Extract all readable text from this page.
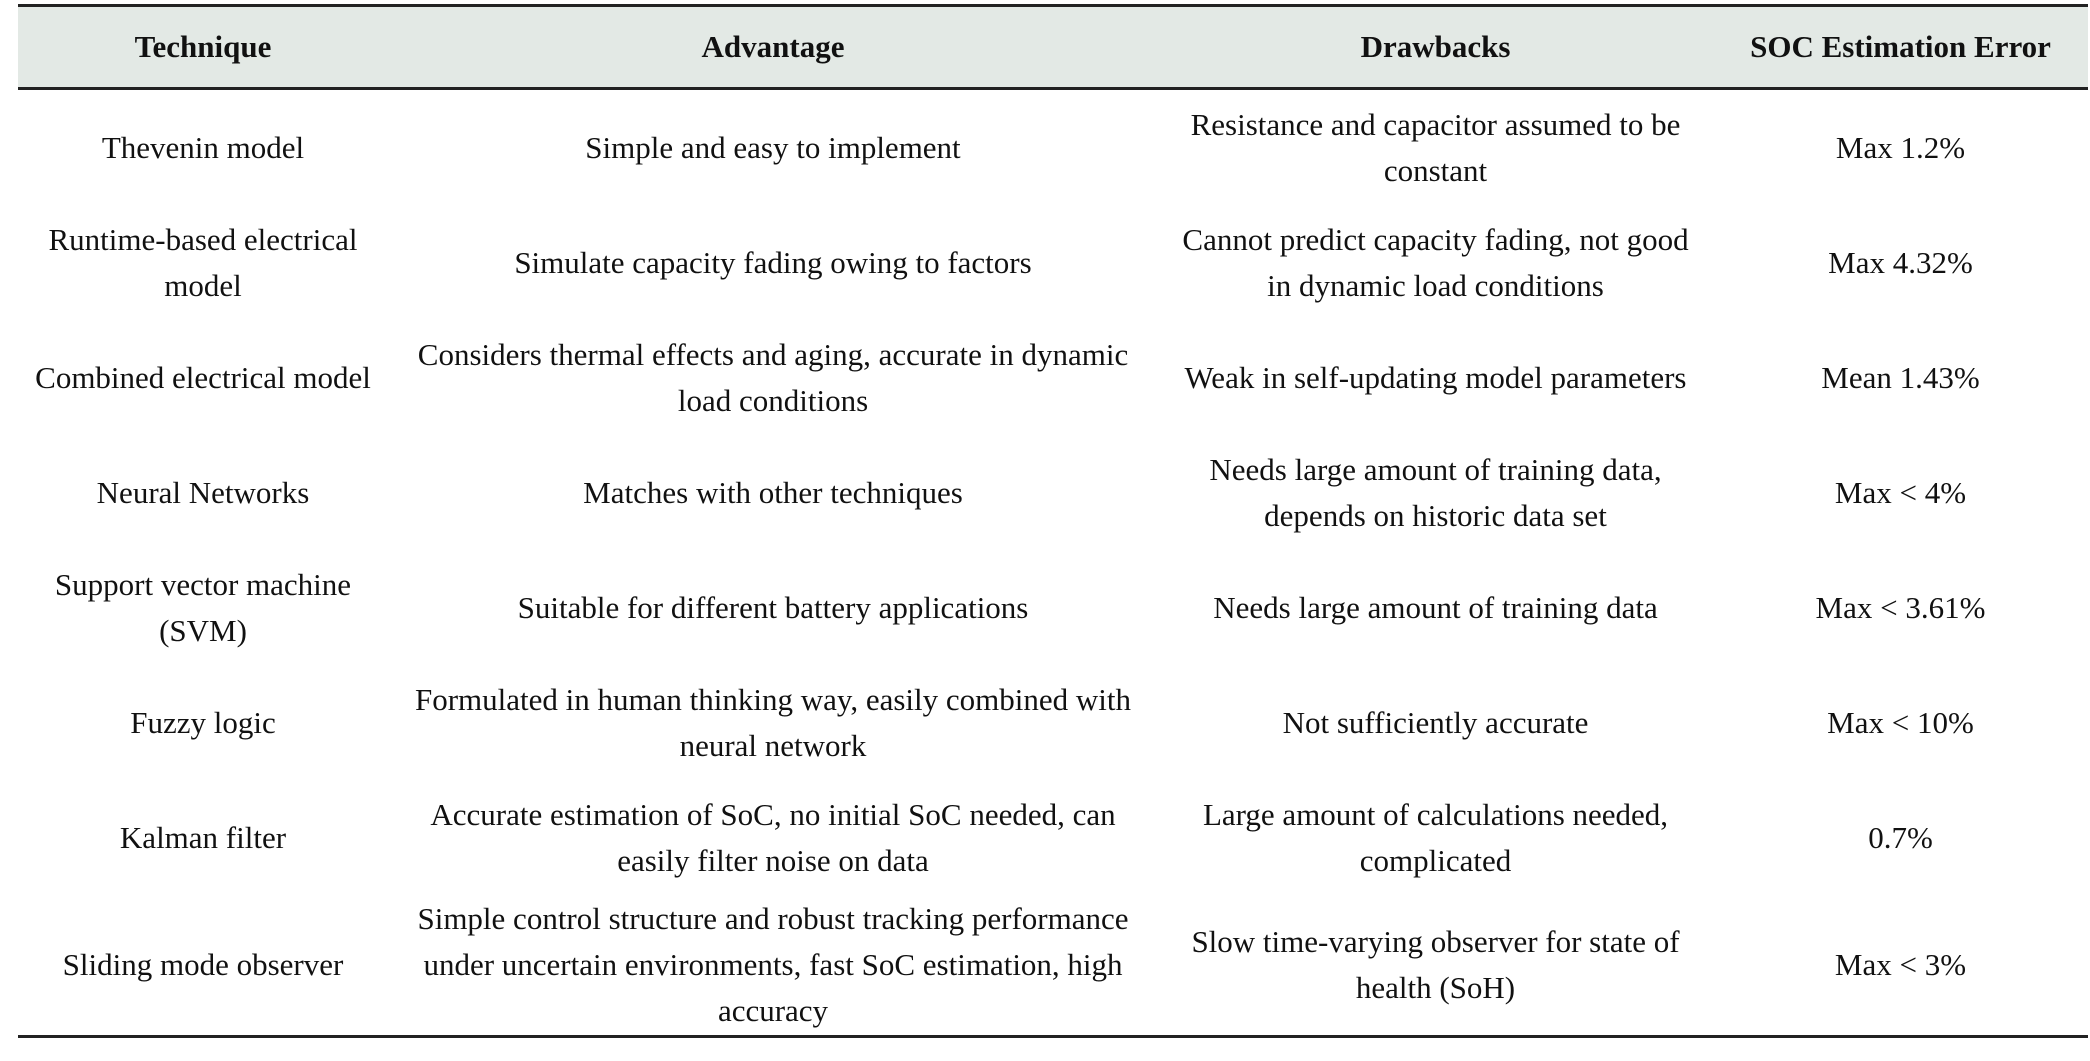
Technique	Advantage	Drawbacks	SOC Estimation Error
Thevenin model	Simple and easy to implement	Resistance and capacitor assumed to be constant	Max 1.2%
Runtime-based electrical model	Simulate capacity fading owing to factors	Cannot predict capacity fading, not good in dynamic load conditions	Max 4.32%
Combined electrical model	Considers thermal effects and aging, accurate in dynamic load conditions	Weak in self-updating model parameters	Mean 1.43%
Neural Networks	Matches with other techniques	Needs large amount of training data, depends on historic data set	Max < 4%
Support vector machine (SVM)	Suitable for different battery applications	Needs large amount of training data	Max < 3.61%
Fuzzy logic	Formulated in human thinking way, easily combined with neural network	Not sufficiently accurate	Max < 10%
Kalman filter	Accurate estimation of SoC, no initial SoC needed, can easily filter noise on data	Large amount of calculations needed, complicated	0.7%
Sliding mode observer	Simple control structure and robust tracking performance under uncertain environments, fast SoC estimation, high accuracy	Slow time-varying observer for state of health (SoH)	Max < 3%
